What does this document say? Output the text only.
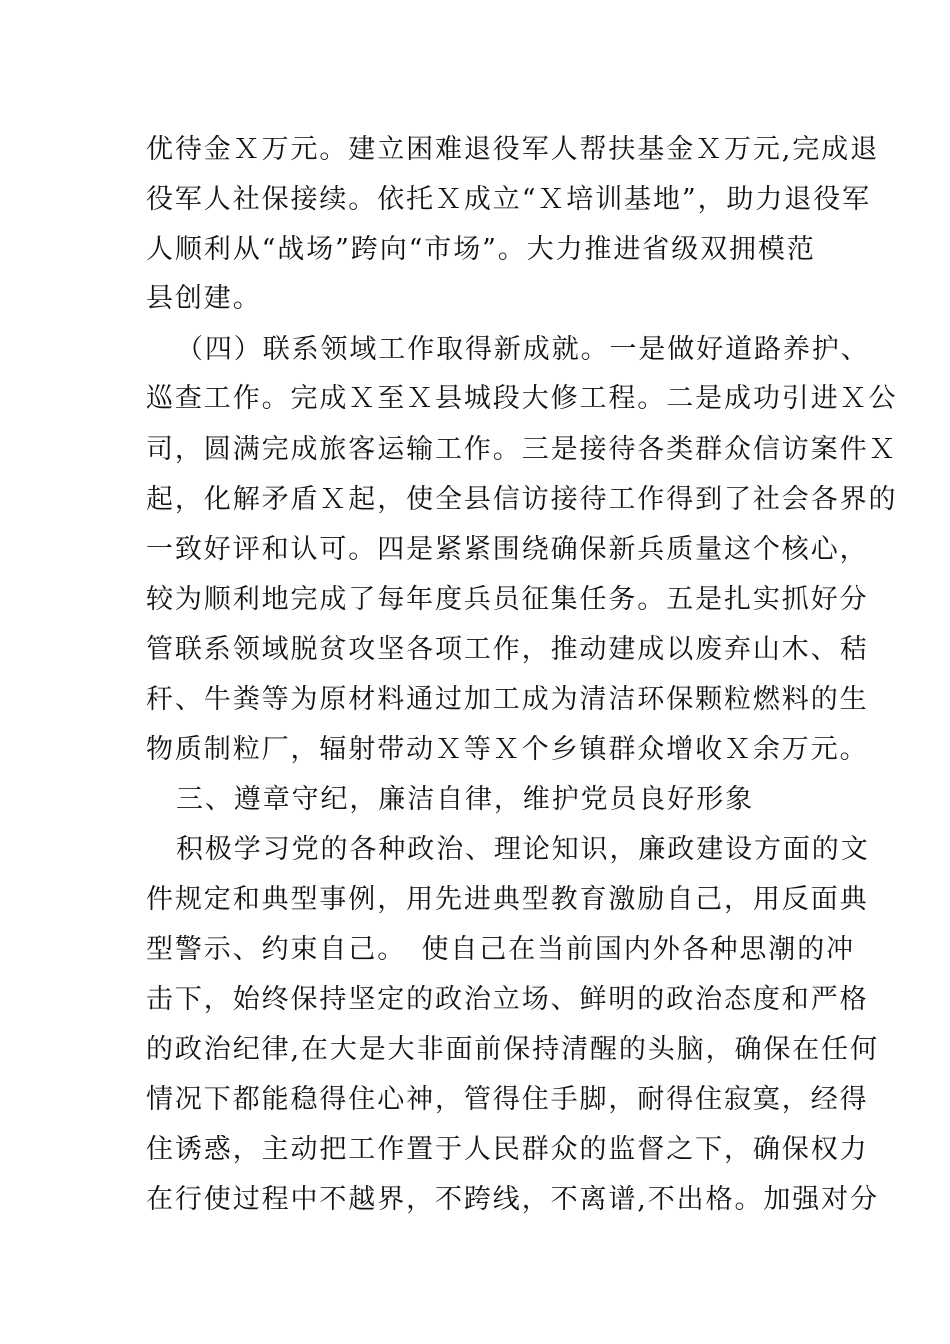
优待金Ｘ万元。建立困难退役军人帮扶基金Ｘ万元,完成退
役军人社保接续。依托Ｘ成立“Ｘ培训基地”，助力退役军
人顺利从“战场”跨向“市场”。大力推进省级双拥模范
县创建。
（四）联系领域工作取得新成就。一是做好道路养护、
巡查工作。完成Ｘ至Ｘ县城段大修工程。二是成功引进Ｘ公
司，圆满完成旅客运输工作。三是接待各类群众信访案件Ｘ
起，化解矛盾Ｘ起，使全县信访接待工作得到了社会各界的
一致好评和认可。四是紧紧围绕确保新兵质量这个核心，
较为顺利地完成了每年度兵员征集任务。五是扎实抓好分
管联系领域脱贫攻坚各项工作，推动建成以废弃山木、秸
秆、牛粪等为原材料通过加工成为清洁环保颗粒燃料的生
物质制粒厂，辐射带动Ｘ等Ｘ个乡镇群众增收Ｘ余万元。
三、遵章守纪，廉洁自律，维护党员良好形象
积极学习党的各种政治、理论知识，廉政建设方面的文
件规定和典型事例，用先进典型教育激励自己，用反面典
型警示、约束自己。　使自己在当前国内外各种思潮的冲
击下，始终保持坚定的政治立场、鲜明的政治态度和严格
的政治纪律,在大是大非面前保持清醒的头脑，确保在任何
情况下都能稳得住心神，管得住手脚，耐得住寂寞，经得
住诱惑，主动把工作置于人民群众的监督之下，确保权力
在行使过程中不越界，不跨线，不离谱,不出格。加强对分
